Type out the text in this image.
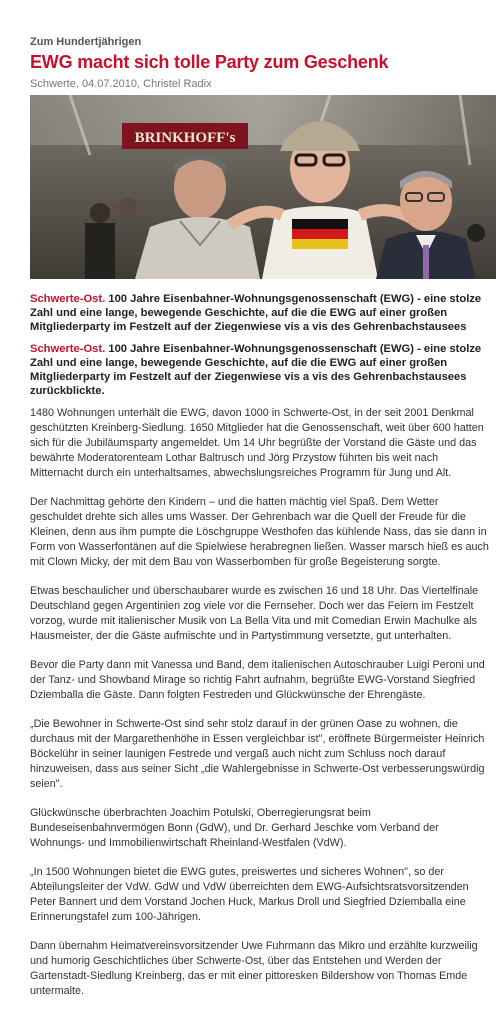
Zum Hundertjährigen
EWG macht sich tolle Party zum Geschenk
Schwerte, 04.07.2010, Christel Radix
BRINKHOFF's
Schwerte-Ost. 100 Jahre Eisenbahner-Wohnungsgenossenschaft (EWG) - eine stolze Zahl und eine lange, bewegende Geschichte, auf die die EWG auf einer großen Mitgliederparty im Festzelt auf der Ziegenwiese vis a vis des Gehrenbachstausees

Schwerte-Ost. 100 Jahre Eisenbahner-Wohnungsgenossenschaft (EWG) - eine stolze Zahl und eine lange, bewegende Geschichte, auf die die EWG auf einer großen Mitgliederparty im Festzelt auf der Ziegenwiese vis a vis des Gehrenbachstausees zurückblickte.

1480 Wohnungen unterhält die EWG, davon 1000 in Schwerte-Ost, in der seit 2001 Denkmal geschützten Kreinberg-Siedlung. 1650 Mitglieder hat die Genossenschaft, weit über 600 hatten sich für die Jubiläumsparty angemeldet. Um 14 Uhr begrüßte der Vorstand die Gäste und das bewährte Moderatorenteam Lothar Baltrusch und Jörg Przystow führten bis weit nach Mitternacht durch ein unterhaltsames, abwechslungsreiches Programm für Jung und Alt.

Der Nachmittag gehörte den Kindern – und die hatten mächtig viel Spaß. Dem Wetter geschuldet drehte sich alles ums Wasser. Der Gehrenbach war die Quell der Freude für die Kleinen, denn aus ihm pumpte die Löschgruppe Westhofen das kühlende Nass, das sie dann in Form von Wasserfontänen auf die Spielwiese herabregnen ließen. Wasser marsch hieß es auch mit Clown Micky, der mit dem Bau von Wasserbomben für große Begeisterung sorgte.

Etwas beschaulicher und überschaubarer wurde es zwischen 16 und 18 Uhr. Das Viertelfinale Deutschland gegen Argentinien zog viele vor die Fernseher. Doch wer das Feiern im Festzelt vorzog, wurde mit italienischer Musik von La Bella Vita und mit Comedian Erwin Machulke als Hausmeister, der die Gäste aufmischte und in Partystimmung versetzte, gut unterhalten.

Bevor die Party dann mit Vanessa und Band, dem italienischen Autoschrauber Luigi Peroni und der Tanz- und Showband Mirage so richtig Fahrt aufnahm, begrüßte EWG-Vorstand Siegfried Dziemballa die Gäste. Dann folgten Festreden und Glückwünsche der Ehrengäste.

„Die Bewohner in Schwerte-Ost sind sehr stolz darauf in der grünen Oase zu wohnen, die durchaus mit der Margarethenhöhe in Essen vergleichbar ist", eröffnete Bürgermeister Heinrich Böckelühr in seiner launigen Festrede und vergaß auch nicht zum Schluss noch darauf hinzuweisen, dass aus seiner Sicht „die Wahlergebnisse in Schwerte-Ost verbesserungswürdig seien".

Glückwünsche überbrachten Joachim Potulski, Oberregierungsrat beim Bundeseisenbahnvermögen Bonn (GdW), und Dr. Gerhard Jeschke vom Verband der Wohnungs- und Immobilienwirtschaft Rheinland-Westfalen (VdW).

„In 1500 Wohnungen bietet die EWG gutes, preiswertes und sicheres Wohnen", so der Abteilungsleiter der VdW. GdW und VdW überreichten dem EWG-Aufsichtsratsvorsitzenden Peter Bannert und dem Vorstand Jochen Huck, Markus Droll und Siegfried Dziemballa eine Erinnerungstafel zum 100-Jährigen.

Dann übernahm Heimatvereinsvorsitzender Uwe Fuhrmann das Mikro und erzählte kurzweilig und humorig Geschichtliches über Schwerte-Ost, über das Entstehen und Werden der Gartenstadt-Siedlung Kreinberg, das er mit einer pittoresken Bildershow von Thomas Emde untermalte.
